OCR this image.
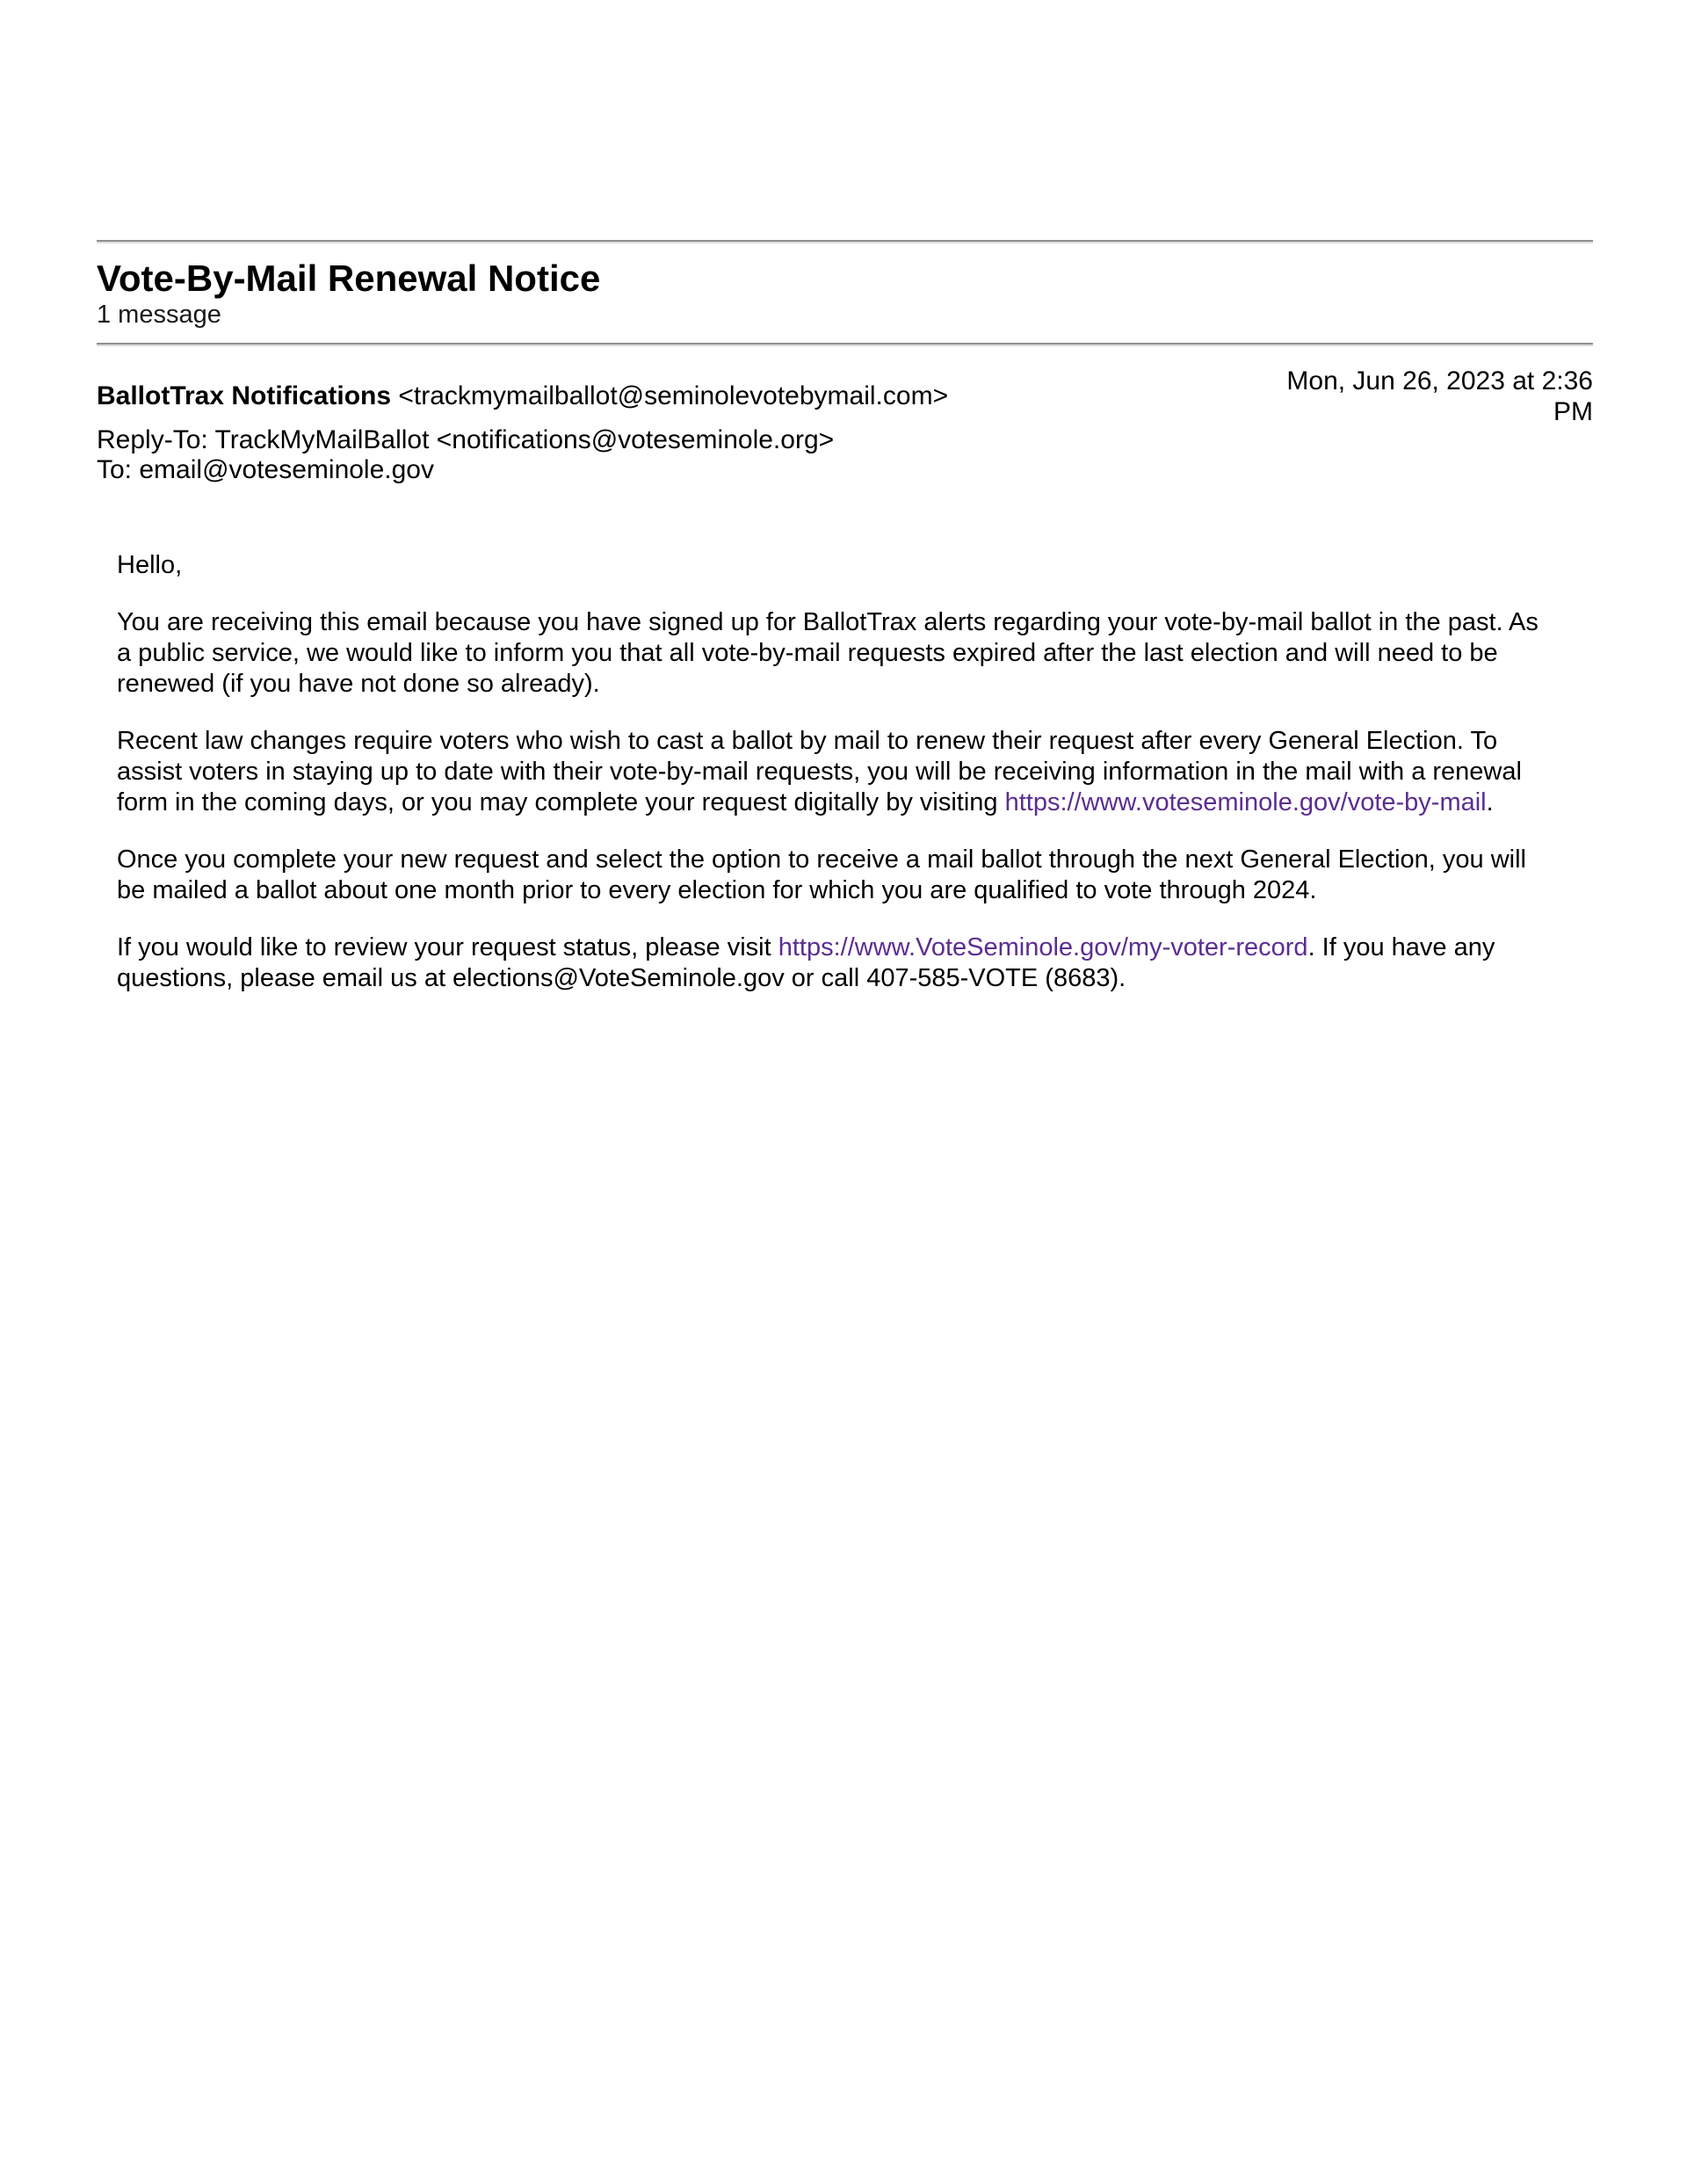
Vote-By-Mail Renewal Notice
1 message
BallotTrax Notifications <trackmymailballot@seminolevotebymail.com>
Reply-To: TrackMyMailBallot <notifications@voteseminole.org>
To: email@voteseminole.gov
Mon, Jun 26, 2023 at 2:36 PM
Hello,
You are receiving this email because you have signed up for BallotTrax alerts regarding your vote-by-mail ballot in the past. As a public service, we would like to inform you that all vote-by-mail requests expired after the last election and will need to be renewed (if you have not done so already).
Recent law changes require voters who wish to cast a ballot by mail to renew their request after every General Election. To assist voters in staying up to date with their vote-by-mail requests, you will be receiving information in the mail with a renewal form in the coming days, or you may complete your request digitally by visiting https://www.voteseminole.gov/vote-by-mail.
Once you complete your new request and select the option to receive a mail ballot through the next General Election, you will be mailed a ballot about one month prior to every election for which you are qualified to vote through 2024.
If you would like to review your request status, please visit https://www.VoteSeminole.gov/my-voter-record. If you have any questions, please email us at elections@VoteSeminole.gov or call 407-585-VOTE (8683).
